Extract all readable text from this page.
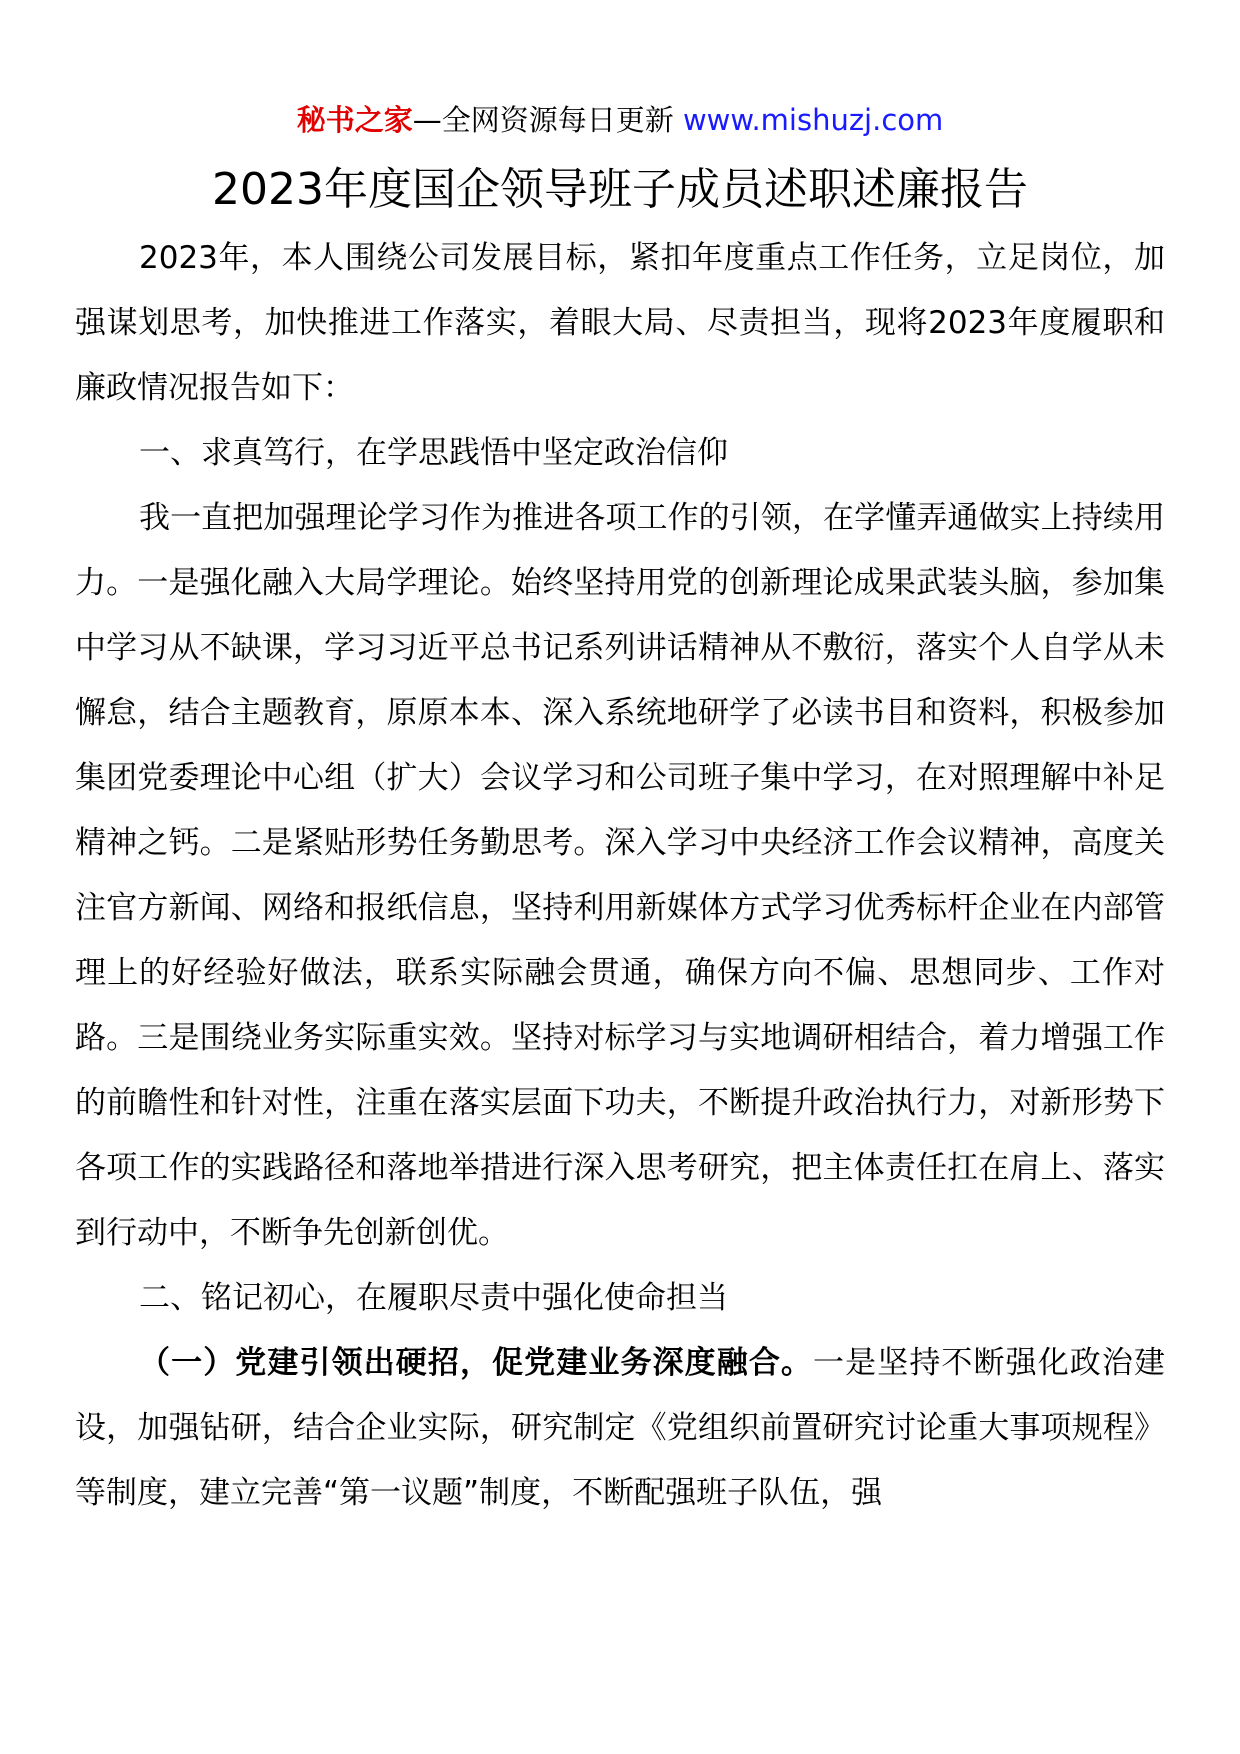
秘书之家—全网资源每日更新 www.mishuzj.com
2023年度国企领导班子成员述职述廉报告

2023年，本人围绕公司发展目标，紧扣年度重点工作任务，立足岗位，加强谋划思考，加快推进工作落实，着眼大局、尽责担当，现将2023年度履职和廉政情况报告如下：

一、求真笃行，在学思践悟中坚定政治信仰

我一直把加强理论学习作为推进各项工作的引领，在学懂弄通做实上持续用力。一是强化融入大局学理论。始终坚持用党的创新理论成果武装头脑，参加集中学习从不缺课，学习习近平总书记系列讲话精神从不敷衍，落实个人自学从未懈怠，结合主题教育，原原本本、深入系统地研学了必读书目和资料，积极参加集团党委理论中心组（扩大）会议学习和公司班子集中学习，在对照理解中补足精神之钙。二是紧贴形势任务勤思考。深入学习中央经济工作会议精神，高度关注官方新闻、网络和报纸信息，坚持利用新媒体方式学习优秀标杆企业在内部管理上的好经验好做法，联系实际融会贯通，确保方向不偏、思想同步、工作对路。三是围绕业务实际重实效。坚持对标学习与实地调研相结合，着力增强工作的前瞻性和针对性，注重在落实层面下功夫，不断提升政治执行力，对新形势下各项工作的实践路径和落地举措进行深入思考研究，把主体责任扛在肩上、落实到行动中，不断争先创新创优。

二、铭记初心，在履职尽责中强化使命担当

（一）党建引领出硬招，促党建业务深度融合。一是坚持不断强化政治建设，加强钻研，结合企业实际，研究制定《党组织前置研究讨论重大事项规程》等制度，建立完善“第一议题”制度，不断配强班子队伍，强
